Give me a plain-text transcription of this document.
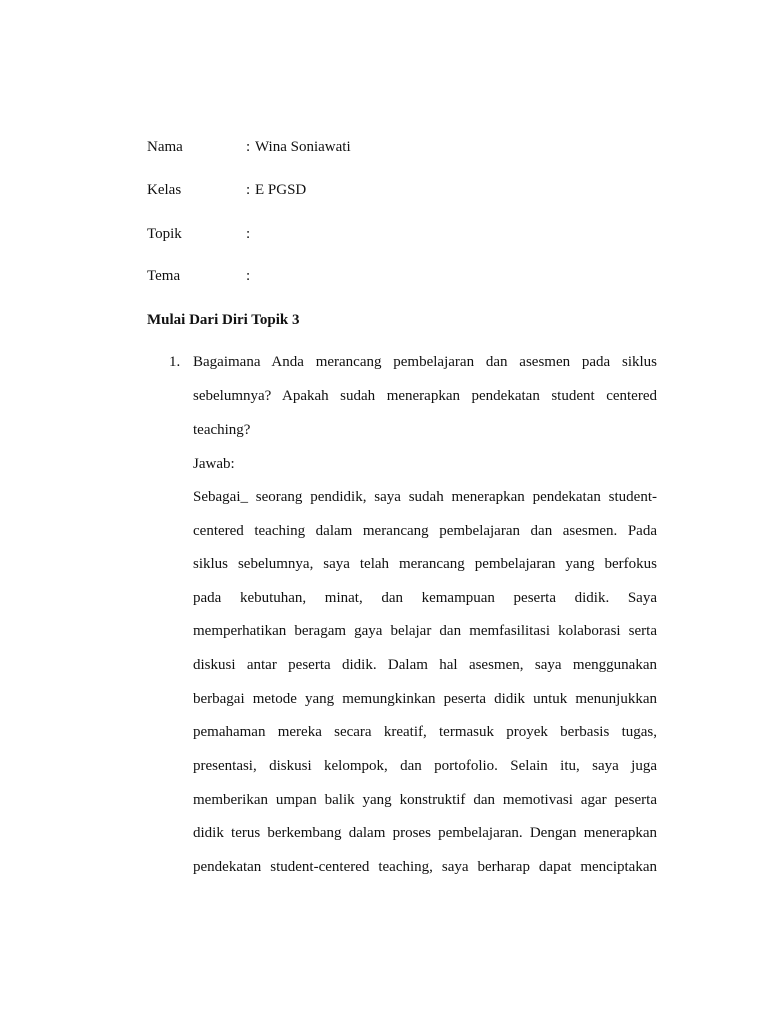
Nama	: Wina Soniawati
Kelas	: E PGSD
Topik	:
Tema	:
Mulai Dari Diri Topik 3
1. Bagaimana Anda merancang pembelajaran dan asesmen pada siklus
sebelumnya? Apakah sudah menerapkan pendekatan student centered
teaching?
Jawab:
Sebagai_ seorang pendidik, saya sudah menerapkan pendekatan student-
centered teaching dalam merancang pembelajaran dan asesmen. Pada
siklus sebelumnya, saya telah merancang pembelajaran yang berfokus
pada kebutuhan, minat, dan kemampuan peserta didik. Saya
memperhatikan beragam gaya belajar dan memfasilitasi kolaborasi serta
diskusi antar peserta didik. Dalam hal asesmen, saya menggunakan
berbagai metode yang memungkinkan peserta didik untuk menunjukkan
pemahaman mereka secara kreatif, termasuk proyek berbasis tugas,
presentasi, diskusi kelompok, dan portofolio. Selain itu, saya juga
memberikan umpan balik yang konstruktif dan memotivasi agar peserta
didik terus berkembang dalam proses pembelajaran. Dengan menerapkan
pendekatan student-centered teaching, saya berharap dapat menciptakan
